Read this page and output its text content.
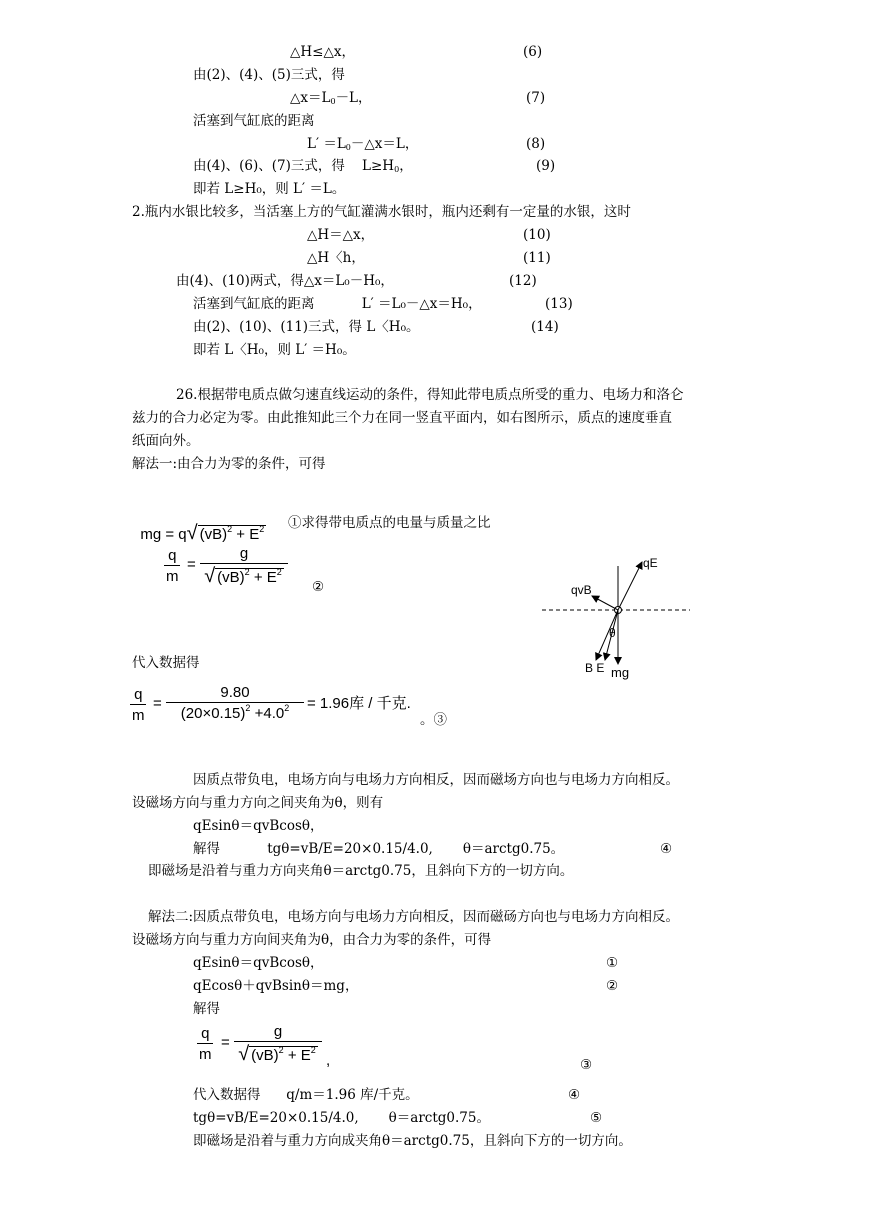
△H≤△x，	(6)
由(2)、(4)、(5)三式，得
$\triangle x=L_0-L$，	(7)
活塞到气缸底的距离
$L' =L_0-\triangle x=L$，	(8)
由(4)、(6)、(7)三式，得    $L\ge H_0$，	(9)
即若 L≥H₀，则 L′ ＝L。
2.瓶内水银比较多，当活塞上方的气缸灌满水银时，瓶内还剩有一定量的水银，这时
△H＝△x，	(10)
△H〈h，	(11)
由(4)、(10)两式，得△x＝L₀－H₀，	(12)
活塞到气缸底的距离           L′ ＝L₀－△x＝H₀，	(13)
由(2)、(10)、(11)三式，得 L〈H₀。	(14)
即若 L〈H₀，则 L′ ＝H₀。
26.根据带电质点做匀速直线运动的条件，得知此带电质点所受的重力、电场力和洛仑
兹力的合力必定为零。由此推知此三个力在同一竖直平面内，如右图所示，质点的速度垂直
纸面向外。
解法一:由合力为零的条件，可得

mg = q √ $(vB)^2 + E^2$ ①求得带电质点的电量与质量之比
$\frac{q}{m} = \frac{g}{√ (vB)^2 + E^2}$
②
qE
qvB
θ
B E mg
代入数据得
$\frac{q}{m} = \frac{9.80}{(20\times 0.15)^2 +4.0^2} = 1.96$库 / 千克.
。③
因质点带负电，电场方向与电场力方向相反，因而磁场方向也与电场力方向相反。
设磁场方向与重力方向之间夹角为θ，则有
qEsinθ＝qvBcosθ，
解得           tgθ=vB/E=20×0.15/4.0,       θ＝arctg0.75。	④
即磁场是沿着与重力方向夹角θ＝arctg0.75，且斜向下方的一切方向。
解法二:因质点带负电，电场方向与电场力方向相反，因而磁砀方向也与电场力方向相反。
设磁场方向与重力方向间夹角为θ，由合力为零的条件，可得
qEsinθ＝qvBcosθ，	①
qEcosθ＋qvBsinθ＝mg，	②
解得
$\frac{q}{m} = \frac{g}{√ (vB)^2 + E^2}$ ,	③
代入数据得      q/m＝1.96 库/千克。	④
tgθ=vB/E=20×0.15/4.0,       θ＝arctg0.75。	⑤
即磁场是沿着与重力方向成夹角θ＝arctg0.75，且斜向下方的一切方向。
